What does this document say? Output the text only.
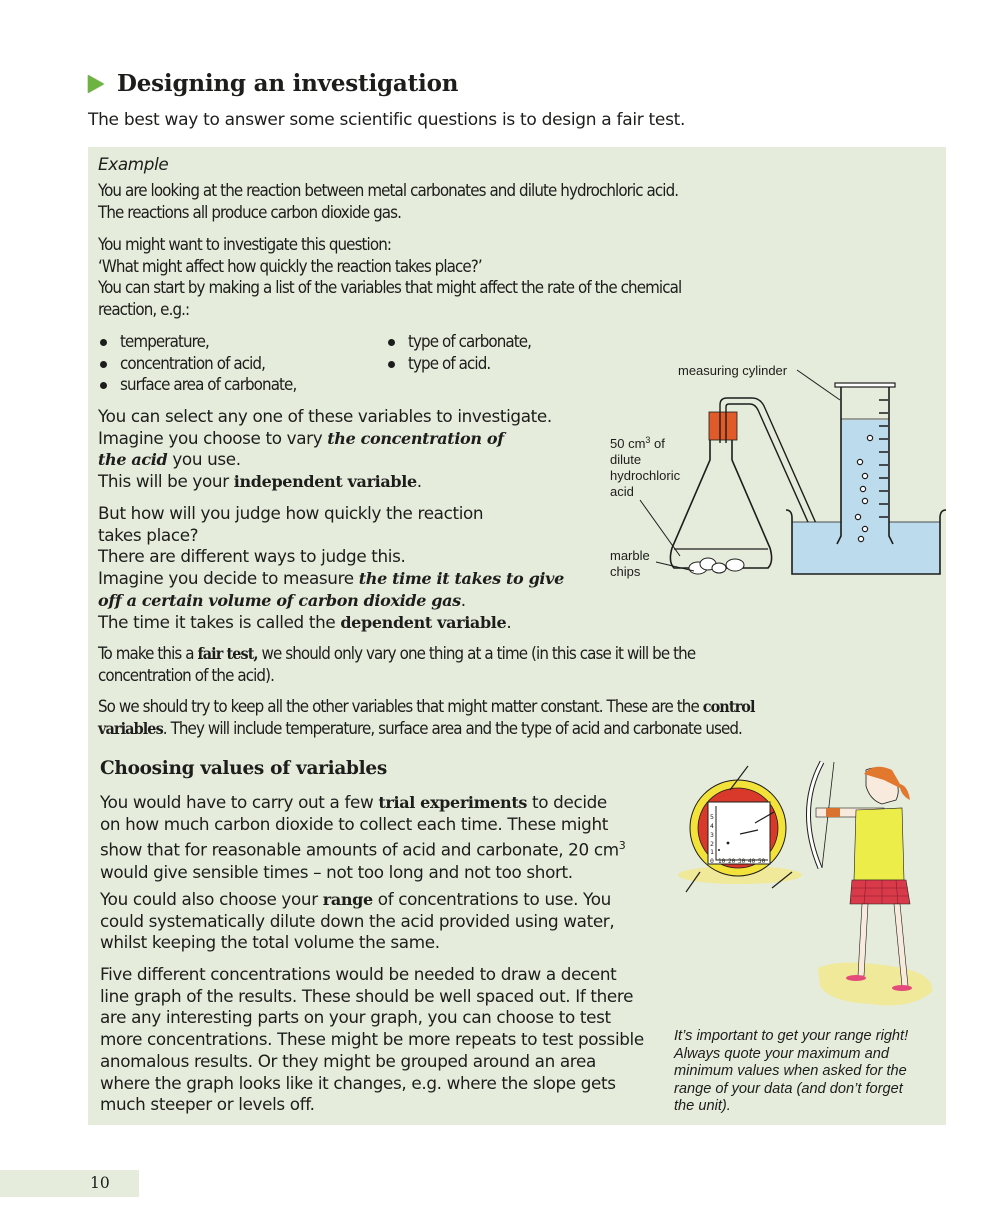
Designing an investigation
The best way to answer some scientific questions is to design a fair test.
Example
You are looking at the reaction between metal carbonates and dilute hydrochloric acid.
The reactions all produce carbon dioxide gas.
You might want to investigate this question:
‘What might affect how quickly the reaction takes place?’
You can start by making a list of the variables that might affect the rate of the chemical
reaction, e.g.:
temperature,
concentration of acid,
surface area of carbonate,
type of carbonate,
type of acid.
You can select any one of these variables to investigate.
Imagine you choose to vary the concentration of
the acid you use.
This will be your independent variable.
But how will you judge how quickly the reaction
takes place?
There are different ways to judge this.
Imagine you decide to measure the time it takes to give
off a certain volume of carbon dioxide gas.
The time it takes is called the dependent variable.
To make this a fair test, we should only vary one thing at a time (in this case it will be the
concentration of the acid).
So we should try to keep all the other variables that might matter constant. These are the control
variables. They will include temperature, surface area and the type of acid and carbonate used.
measuring cylinder
50 $cm^3$ of
dilute
hydrochloric
acid
marble
chips
Choosing values of variables
You would have to carry out a few trial experiments to decide
on how much carbon dioxide to collect each time. These might
show that for reasonable amounts of acid and carbonate, 20 $cm^3$
would give sensible times – not too long and not too short.
You could also choose your range of concentrations to use. You
could systematically dilute down the acid provided using water,
whilst keeping the total volume the same.
Five different concentrations would be needed to draw a decent
line graph of the results. These should be well spaced out. If there
are any interesting parts on your graph, you can choose to test
more concentrations. These might be more repeats to test possible
anomalous results. Or they might be grouped around an area
where the graph looks like it changes, e.g. where the slope gets
much steeper or levels off.
5
4
3
2
1
0 10 20 30 40 50
It’s important to get your range right!
Always quote your maximum and
minimum values when asked for the
range of your data (and don’t forget
the unit).
10
